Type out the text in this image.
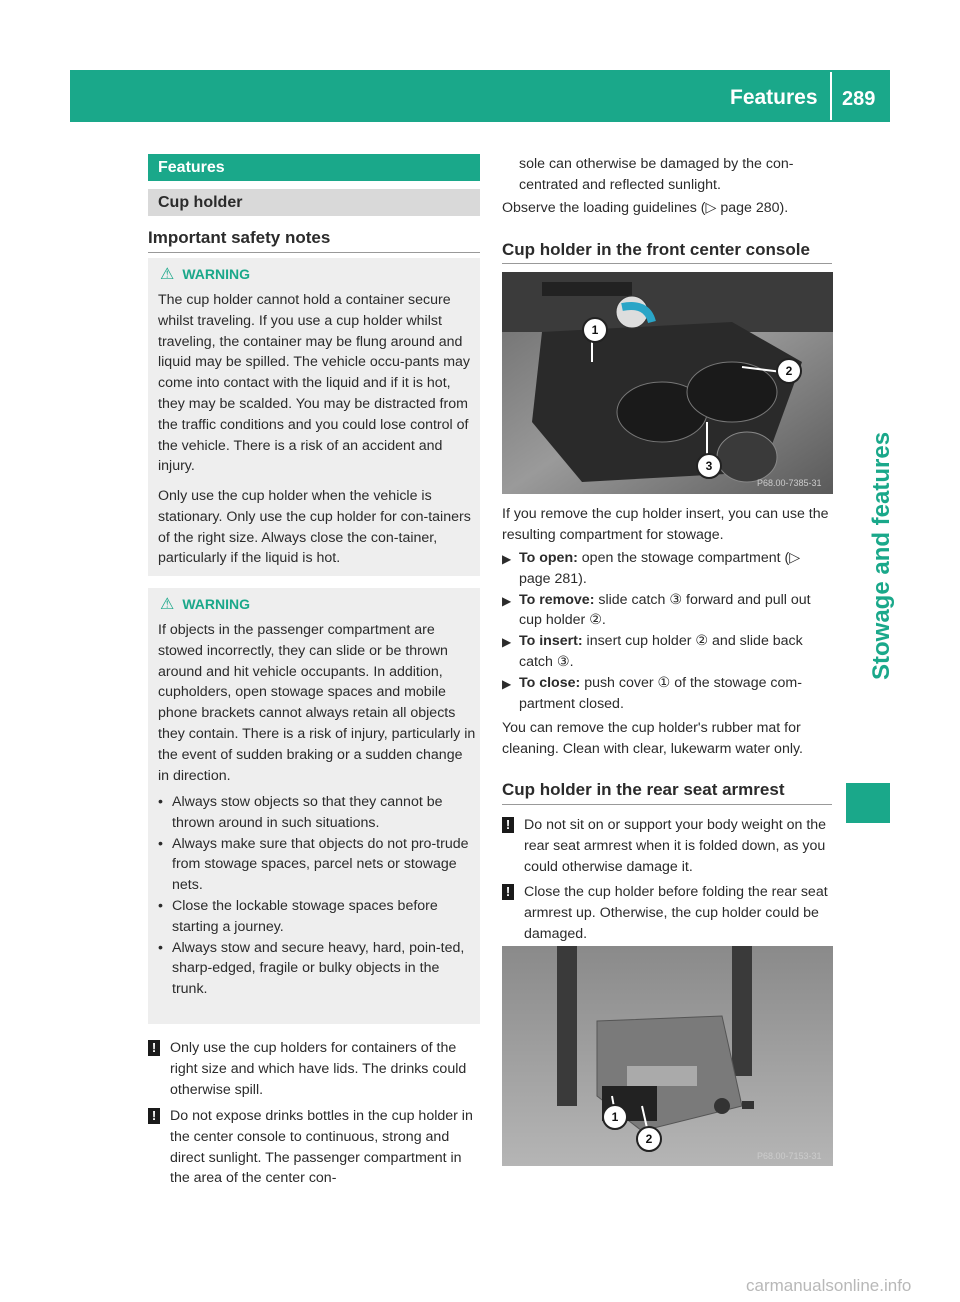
Features 289
Stowage and features
Features
Cup holder
Important safety notes
⚠ WARNING
The cup holder cannot hold a container secure whilst traveling. If you use a cup holder whilst traveling, the container may be flung around and liquid may be spilled. The vehicle occu-pants may come into contact with the liquid and if it is hot, they may be scalded. You may be distracted from the traffic conditions and you could lose control of the vehicle. There is a risk of an accident and injury.
Only use the cup holder when the vehicle is stationary. Only use the cup holder for con-tainers of the right size. Always close the con-tainer, particularly if the liquid is hot.
⚠ WARNING
If objects in the passenger compartment are stowed incorrectly, they can slide or be thrown around and hit vehicle occupants. In addition, cupholders, open stowage spaces and mobile phone brackets cannot always retain all objects they contain. There is a risk of injury, particularly in the event of sudden braking or a sudden change in direction.
• Always stow objects so that they cannot be thrown around in such situations.
• Always make sure that objects do not pro-trude from stowage spaces, parcel nets or stowage nets.
• Close the lockable stowage spaces before starting a journey.
• Always stow and secure heavy, hard, poin-ted, sharp-edged, fragile or bulky objects in the trunk.
! Only use the cup holders for containers of the right size and which have lids. The drinks could otherwise spill.
! Do not expose drinks bottles in the cup holder in the center console to continuous, strong and direct sunlight. The passenger compartment in the area of the center con-
sole can otherwise be damaged by the con-centrated and reflected sunlight.
Observe the loading guidelines (▷ page 280).
Cup holder in the front center console
1
2
3
P68.00-7385-31
If you remove the cup holder insert, you can use the resulting compartment for stowage.
▶ To open: open the stowage compartment (▷ page 281).
▶ To remove: slide catch ③ forward and pull out cup holder ②.
▶ To insert: insert cup holder ② and slide back catch ③.
▶ To close: push cover ① of the stowage com-partment closed.
You can remove the cup holder's rubber mat for cleaning. Clean with clear, lukewarm water only.
Cup holder in the rear seat armrest
! Do not sit on or support your body weight on the rear seat armrest when it is folded down, as you could otherwise damage it.
! Close the cup holder before folding the rear seat armrest up. Otherwise, the cup holder could be damaged.
1
2
P68.00-7153-31
carmanualsonline.info
